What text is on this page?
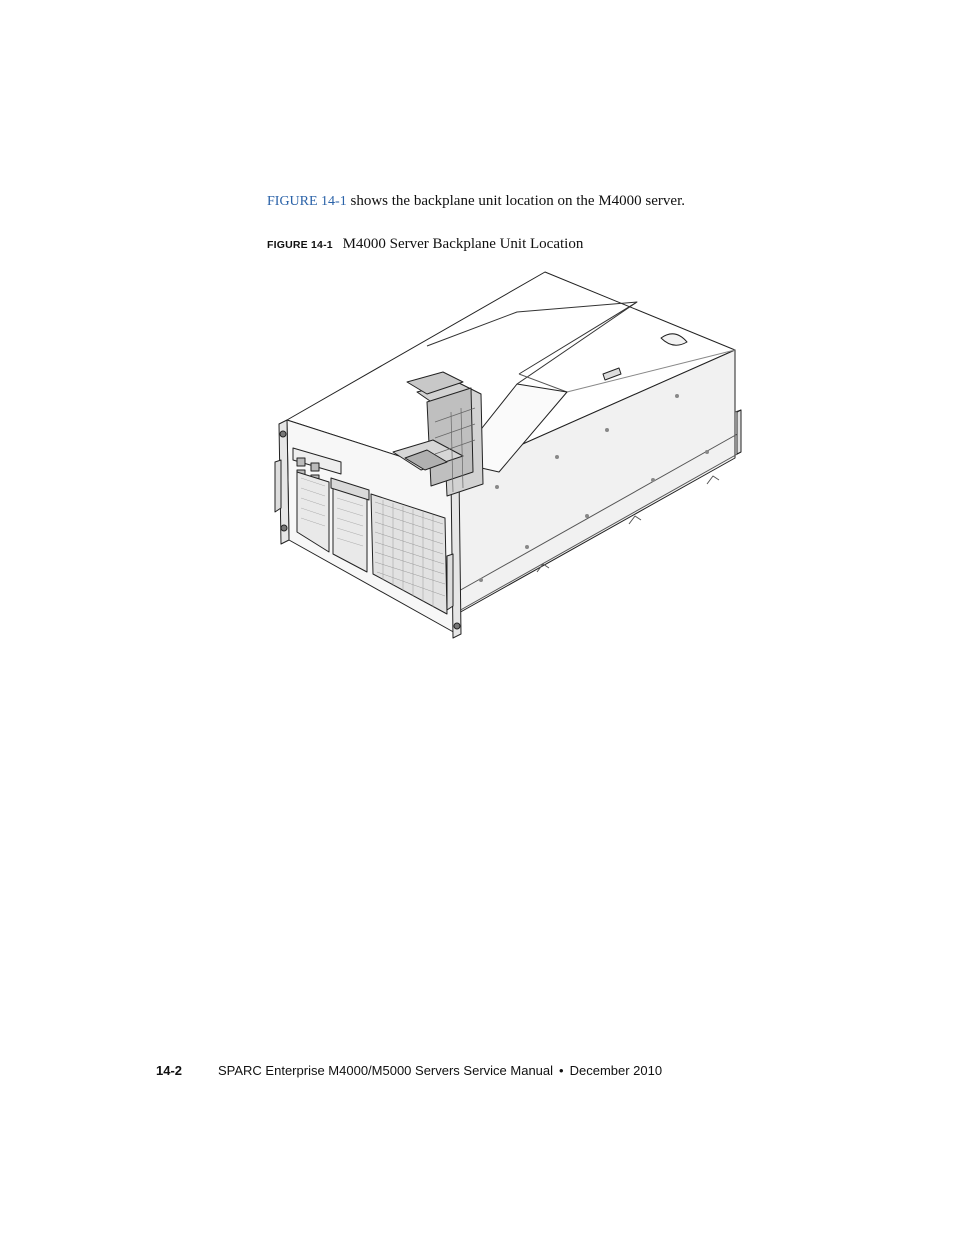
FIGURE 14-1 shows the backplane unit location on the M4000 server.

FIGURE 14-1 M4000 Server Backplane Unit Location
14-2	SPARC Enterprise M4000/M5000 Servers Service Manual • December 2010
